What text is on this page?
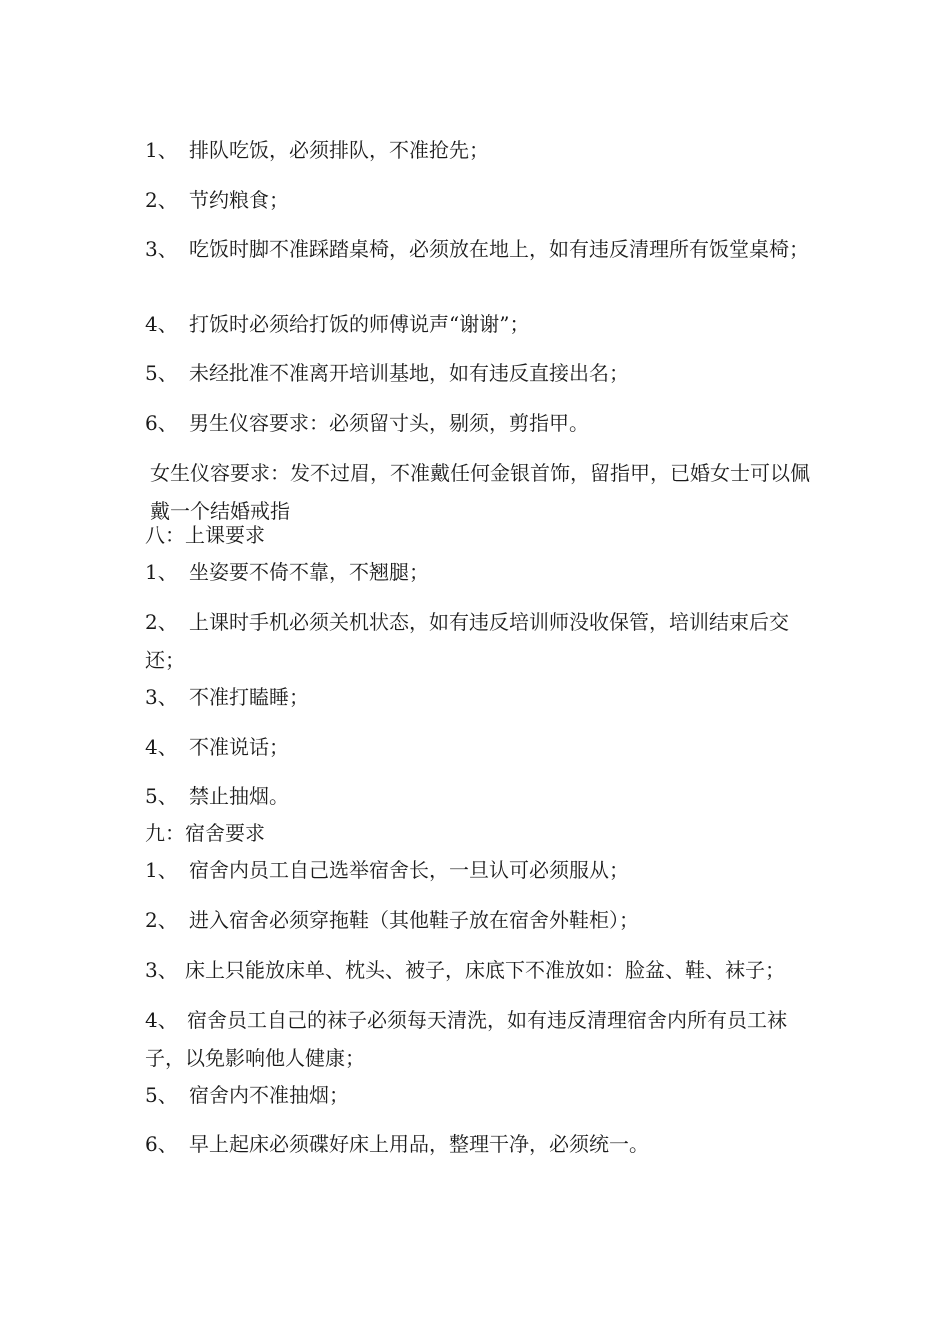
1、 排队吃饭，必须排队，不准抢先；
2、 节约粮食；
3、 吃饭时脚不准踩踏桌椅，必须放在地上，如有违反清理所有饭堂桌椅；
4、 打饭时必须给打饭的师傅说声“谢谢”；
5、 未经批准不准离开培训基地，如有违反直接出名；
6、 男生仪容要求：必须留寸头，剔须，剪指甲。
女生仪容要求：发不过眉，不准戴任何金银首饰，留指甲，已婚女士可以佩戴一个结婚戒指
八：上课要求
1、 坐姿要不倚不靠，不翘腿；
2、 上课时手机必须关机状态，如有违反培训师没收保管，培训结束后交还；
3、 不准打瞌睡；
4、 不准说话；
5、 禁止抽烟。
九：宿舍要求
1、 宿舍内员工自己选举宿舍长，一旦认可必须服从；
2、 进入宿舍必须穿拖鞋（其他鞋子放在宿舍外鞋柜）；
3、 床上只能放床单、枕头、被子，床底下不准放如：脸盆、鞋、袜子；
4、 宿舍员工自己的袜子必须每天清洗，如有违反清理宿舍内所有员工袜子，以免影响他人健康；
5、 宿舍内不准抽烟；
6、 早上起床必须碟好床上用品，整理干净，必须统一。
